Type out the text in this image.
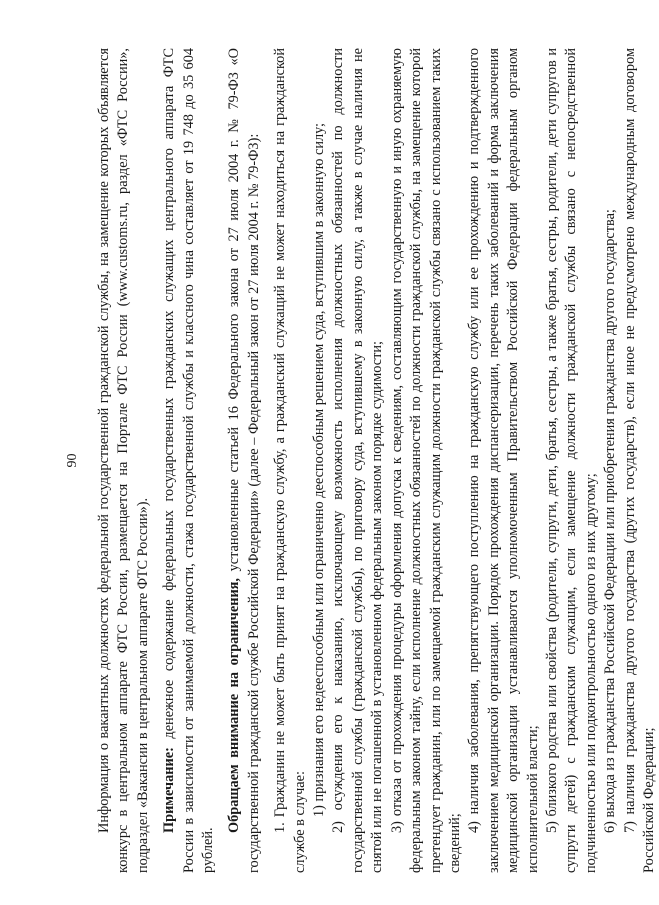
90 Информация о вакантных должностях федеральной государственной гражданской службы, на замещение которых объявляется конкурс в центральном аппарате ФТС России, размещается на Портале ФТС России (www.customs.ru, раздел «ФТС России», подраздел «Вакансии в центральном аппарате ФТС России»). Примечание: денежное содержание федеральных государственных гражданских служащих центрального аппарата ФТС России в зависимости от занимаемой должности, стажа государственной службы и классного чина составляет от 19 748 до 35 604 рублей.

Обращаем внимание на ограничения, установленные статьей 16 Федерального закона от 27 июля 2004 г. № 79-ФЗ «О государственной гражданской службе Российской Федерации» (далее – Федеральный закон от 27 июля 2004 г. № 79-ФЗ): 1. Гражданин не может быть принят на гражданскую службу, а гражданский служащий не может находиться на гражданской службе в случае:

1) признания его недееспособным или ограниченно дееспособным решением суда, вступившим в законную силу; 2) осуждения его к наказанию, исключающему возможность исполнения должностных обязанностей по должности государственной службы (гражданской службы), по приговору суда, вступившему в законную силу, а также в случае наличия не снятой или не погашенной в установленном федеральным законом порядке судимости; 3) отказа от прохождения процедуры оформления допуска к сведениям, составляющим государственную и иную охраняемую федеральным законом тайну, если исполнение должностных обязанностей по должности гражданской службы, на замещение которой претендует гражданин, или по замещаемой гражданским служащим должности гражданской службы связано с использованием таких сведений;

4) наличия заболевания, препятствующего поступлению на гражданскую службу или ее прохождению и подтвержденного заключением медицинской организации. Порядок прохождения диспансеризации, перечень таких заболеваний и форма заключения медицинской организации устанавливаются уполномоченным Правительством Российской Федерации федеральным органом исполнительной власти; 5) близкого родства или свойства (родители, супруги, дети, братья, сестры, а также братья, сестры, родители, дети супругов и супруги детей) с гражданским служащим, если замещение должности гражданской службы связано с непосредственной подчиненностью или подконтрольностью одного из них другому; 6) выхода из гражданства Российской Федерации или приобретения гражданства другого государства; 7) наличия гражданства другого государства (других государств), если иное не предусмотрено международным договором Российской Федерации;
